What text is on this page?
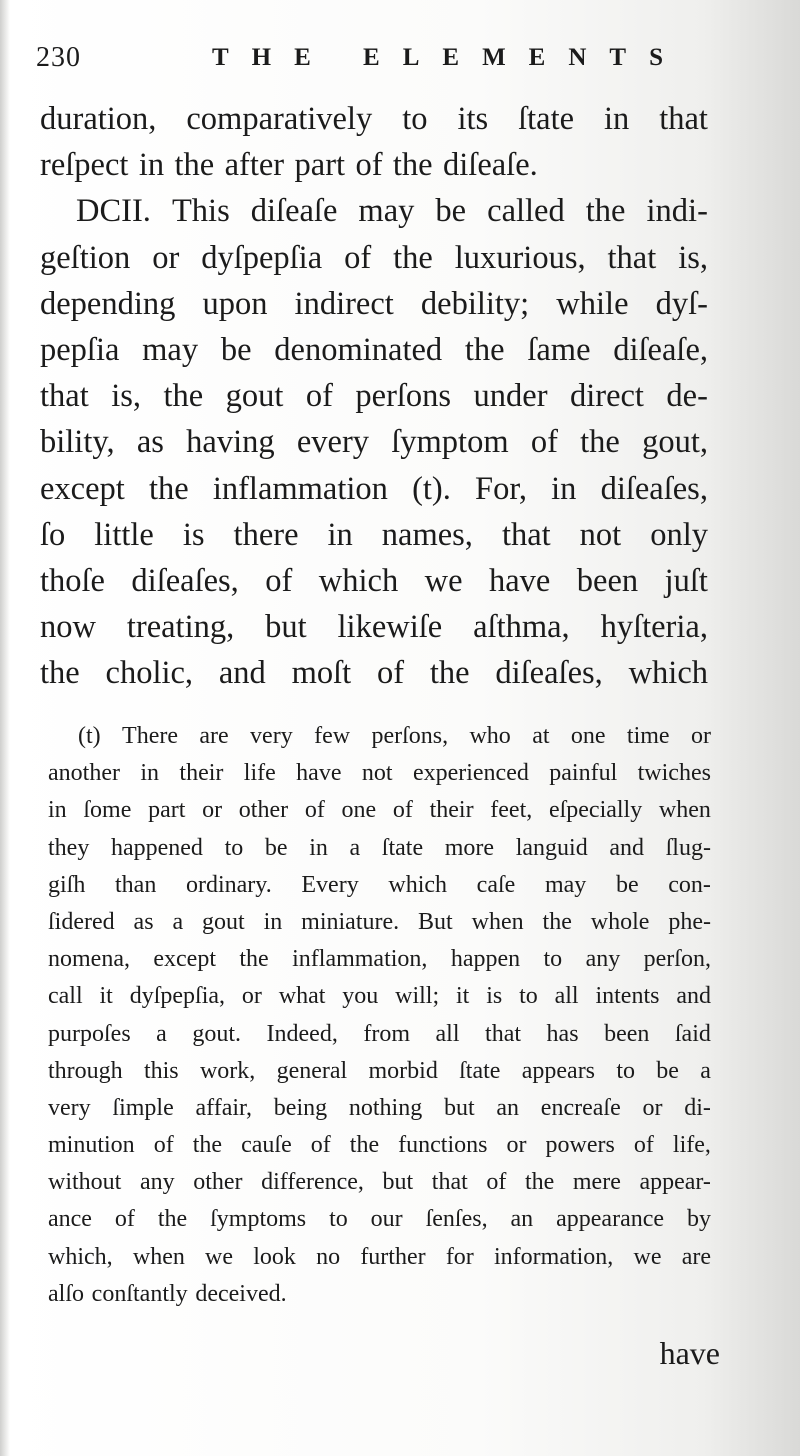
230	THE ELEMENTS
duration, comparatively to its ſtate in that
reſpect in the after part of the diſeaſe.
DCII. This diſeaſe may be called the indi-
geſtion or dyſpepſia of the luxurious, that is,
depending upon indirect debility; while dyſ-
pepſia may be denominated the ſame diſeaſe,
that is, the gout of perſons under direct de-
bility, as having every ſymptom of the gout,
except the inflammation (t). For, in diſeaſes,
ſo little is there in names, that not only
thoſe diſeaſes, of which we have been juſt
now treating, but likewiſe aſthma, hyſteria,
the cholic, and moſt of the diſeaſes, which
(t) There are very few perſons, who at one time or
another in their life have not experienced painful twiches
in ſome part or other of one of their feet, eſpecially when
they happened to be in a ſtate more languid and ſlug-
giſh than ordinary. Every which caſe may be con-
ſidered as a gout in miniature. But when the whole phe-
nomena, except the inflammation, happen to any perſon,
call it dyſpepſia, or what you will; it is to all intents and
purpoſes a gout. Indeed, from all that has been ſaid
through this work, general morbid ſtate appears to be a
very ſimple affair, being nothing but an encreaſe or di-
minution of the cauſe of the functions or powers of life,
without any other difference, but that of the mere appear-
ance of the ſymptoms to our ſenſes, an appearance by
which, when we look no further for information, we are
alſo conſtantly deceived.
have
